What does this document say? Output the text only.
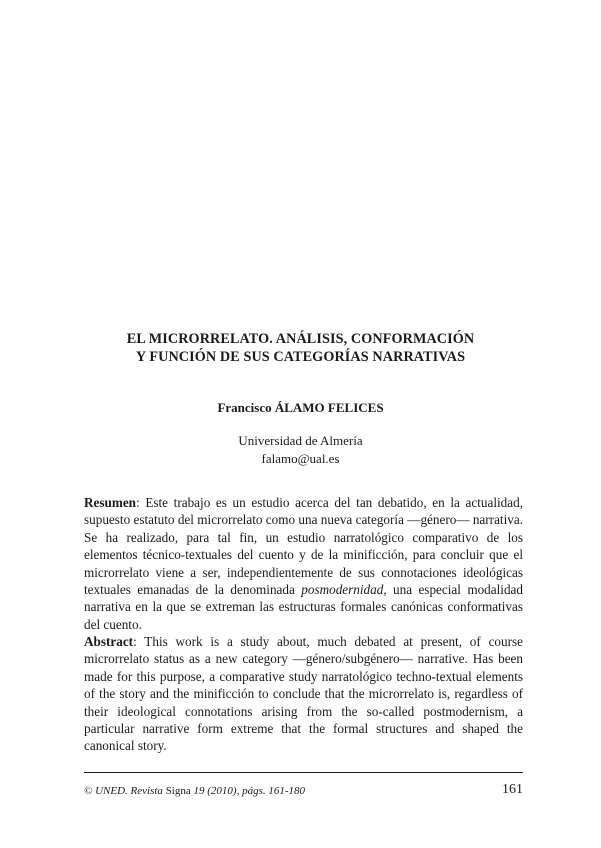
EL MICRORRELATO. ANÁLISIS, CONFORMACIÓN
Y FUNCIÓN DE SUS CATEGORÍAS NARRATIVAS
Francisco ÁLAMO FELICES
Universidad de Almería
falamo@ual.es
Resumen: Este trabajo es un estudio acerca del tan debatido, en la actualidad, supuesto estatuto del microrrelato como una nueva categoría —género— narrativa. Se ha realizado, para tal fin, un estudio narratológico comparativo de los elementos técnico-textuales del cuento y de la minificción, para concluir que el microrrelato viene a ser, independientemente de sus connotaciones ideológicas textuales emanadas de la denominada posmodernidad, una especial modalidad narrativa en la que se extreman las estructuras formales canónicas conformativas del cuento.
Abstract: This work is a study about, much debated at present, of course microrrelato status as a new category —género/subgénero— narrative. Has been made for this purpose, a comparative study narratológico techno-textual elements of the story and the minificción to conclude that the microrrelato is, regardless of their ideological connotations arising from the so-called postmodernism, a particular narrative form extreme that the formal structures and shaped the canonical story.
© UNED. Revista Signa 19 (2010), págs. 161-180	161
